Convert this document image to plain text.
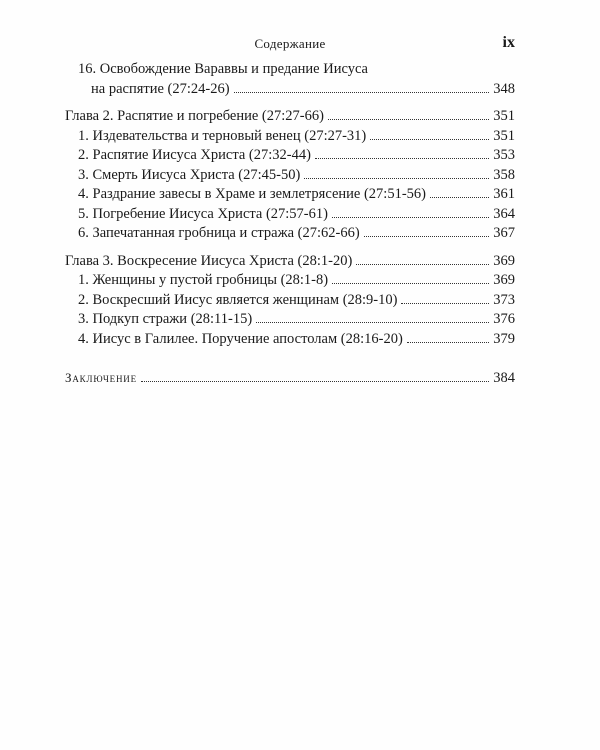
Содержание	ix
16. Освобождение Вараввы и предание Иисуса
на распятие (27:24-26)	348
Глава 2. Распятие и погребение (27:27-66)	351
1. Издевательства и терновый венец (27:27-31)	351
2. Распятие Иисуса Христа (27:32-44)	353
3. Смерть Иисуса Христа (27:45-50)	358
4. Раздрание завесы в Храме и землетрясение (27:51-56)	361
5. Погребение Иисуса Христа (27:57-61)	364
6. Запечатанная гробница и стража (27:62-66)	367
Глава 3. Воскресение Иисуса Христа (28:1-20)	369
1. Женщины у пустой гробницы (28:1-8)	369
2. Воскресший Иисус является женщинам (28:9-10)	373
3. Подкуп стражи (28:11-15)	376
4. Иисус в Галилее. Поручение апостолам (28:16-20)	379
Заключение	384
